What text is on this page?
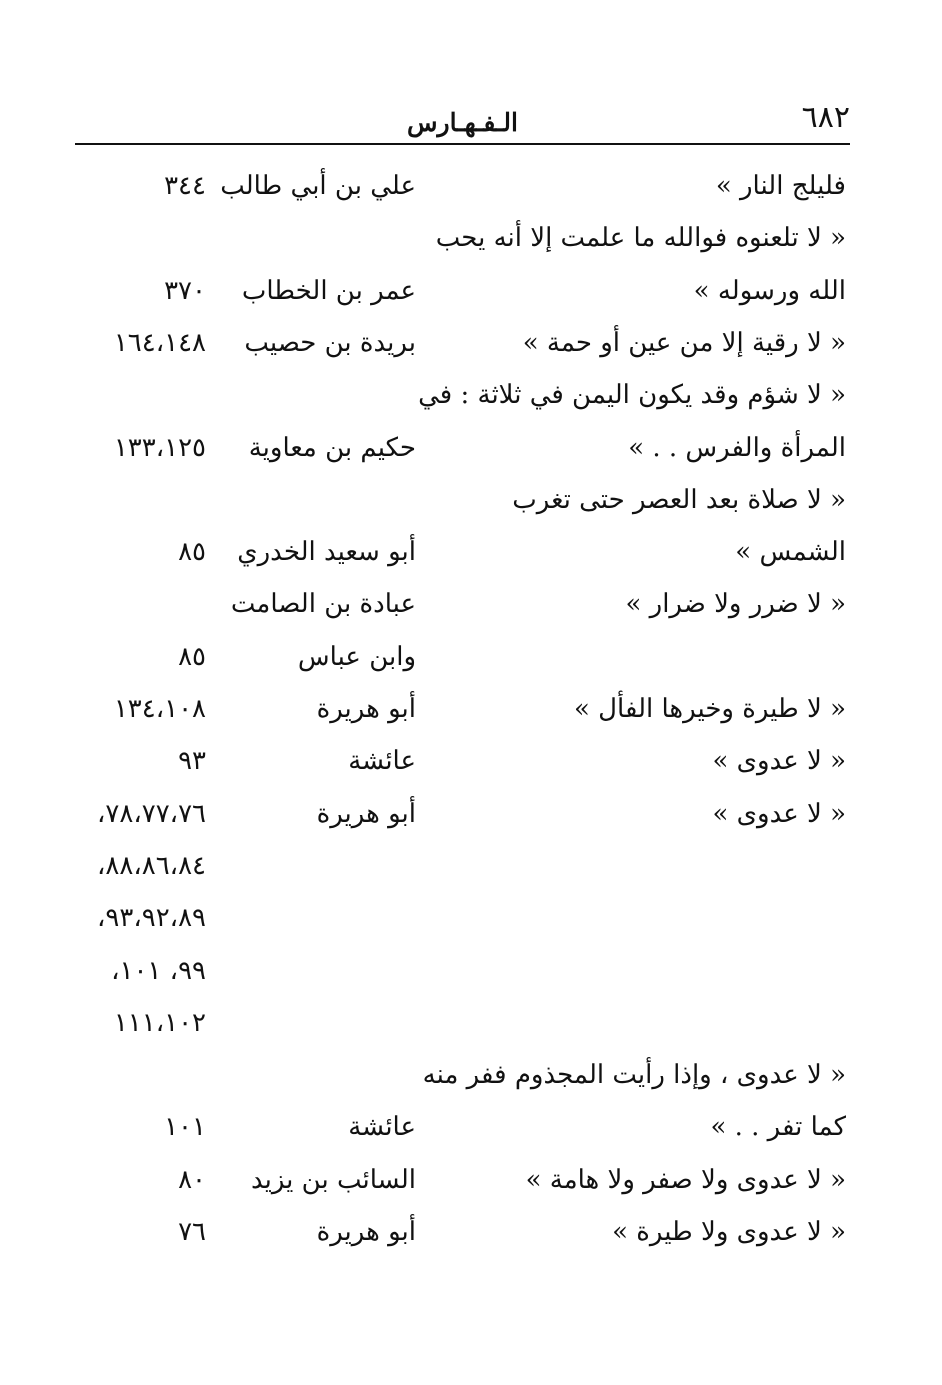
الـفـهـارس	٦٨٢
فليلج النار »
علي بن أبي طالب
٣٤٤
« لا تلعنوه فوالله ما علمت إلا أنه يحب
الله ورسوله »
عمر بن الخطاب
٣٧٠
« لا رقية إلا من عين أو حمة »
بريدة بن حصيب
١٦٤،١٤٨
« لا شؤم وقد يكون اليمن في ثلاثة : في
المرأة والفرس . . »
حكيم بن معاوية
١٣٣،١٢٥
« لا صلاة بعد العصر حتى تغرب
الشمس »
أبو سعيد الخدري
٨٥
« لا ضرر ولا ضرار »
عبادة بن الصامت
وابن عباس
٨٥
« لا طيرة وخيرها الفأل »
أبو هريرة
١٣٤،١٠٨
« لا عدوى »
عائشة
٩٣
« لا عدوى »
أبو هريرة
٧٨،٧٧،٧٦،
٨٨،٨٦،٨٤،
٩٣،٩٢،٨٩،
٩٩، ١٠١،
١١١،١٠٢
« لا عدوى ، وإذا رأيت المجذوم ففر منه
كما تفر . . »
عائشة
١٠١
« لا عدوى ولا صفر ولا هامة »
السائب بن يزيد
٨٠
« لا عدوى ولا طيرة »
أبو هريرة
٧٦
